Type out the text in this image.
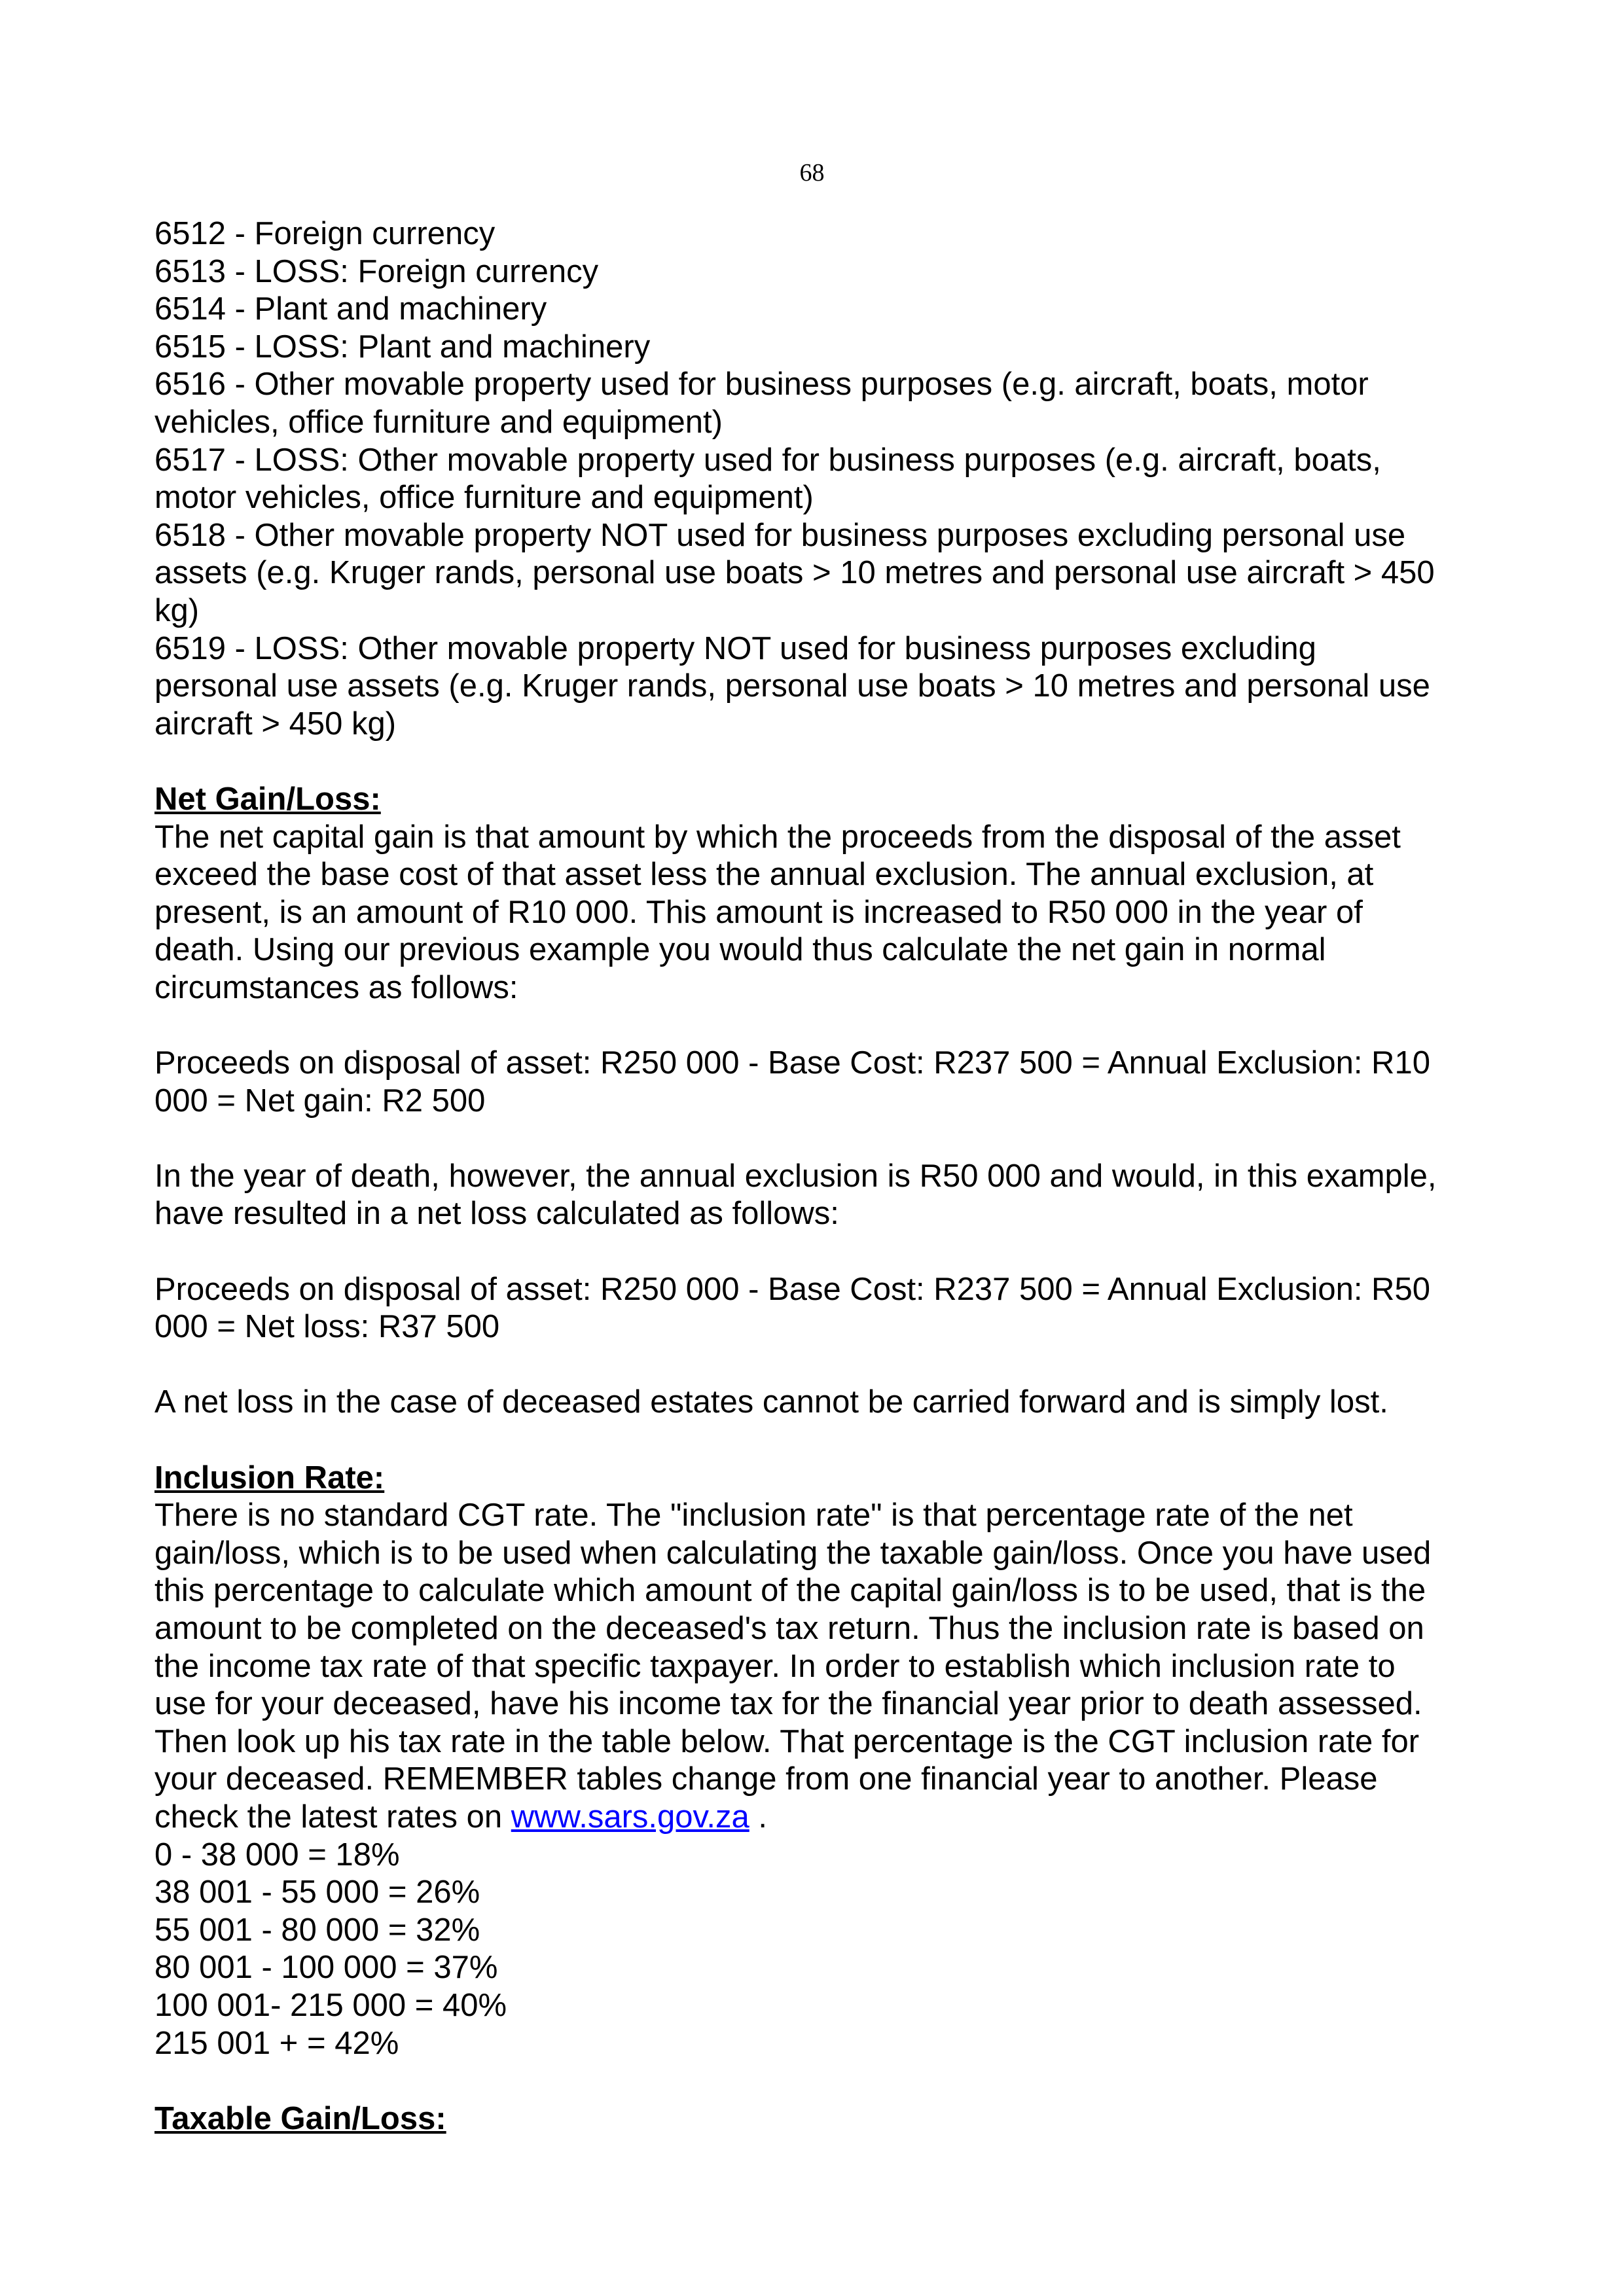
68
6512 - Foreign currency
6513 - LOSS: Foreign currency
6514 - Plant and machinery
6515 - LOSS: Plant and machinery
6516 - Other movable property used for business purposes (e.g. aircraft, boats, motor
vehicles, office furniture and equipment)
6517 - LOSS: Other movable property used for business purposes (e.g. aircraft, boats,
motor vehicles, office furniture and equipment)
6518 - Other movable property NOT used for business purposes excluding personal use
assets (e.g. Kruger rands, personal use boats > 10 metres and personal use aircraft > 450
kg)
6519 - LOSS: Other movable property NOT used for business purposes excluding
personal use assets (e.g. Kruger rands, personal use boats > 10 metres and personal use
aircraft > 450 kg)
Net Gain/Loss:
The net capital gain is that amount by which the proceeds from the disposal of the asset
exceed the base cost of that asset less the annual exclusion. The annual exclusion, at
present, is an amount of R10 000. This amount is increased to R50 000 in the year of
death. Using our previous example you would thus calculate the net gain in normal
circumstances as follows:
Proceeds on disposal of asset: R250 000 - Base Cost: R237 500 = Annual Exclusion: R10
000 = Net gain: R2 500
In the year of death, however, the annual exclusion is R50 000 and would, in this example,
have resulted in a net loss calculated as follows:
Proceeds on disposal of asset: R250 000 - Base Cost: R237 500 = Annual Exclusion: R50
000 = Net loss: R37 500
A net loss in the case of deceased estates cannot be carried forward and is simply lost.
Inclusion Rate:
There is no standard CGT rate. The "inclusion rate" is that percentage rate of the net
gain/loss, which is to be used when calculating the taxable gain/loss. Once you have used
this percentage to calculate which amount of the capital gain/loss is to be used, that is the
amount to be completed on the deceased's tax return. Thus the inclusion rate is based on
the income tax rate of that specific taxpayer. In order to establish which inclusion rate to
use for your deceased, have his income tax for the financial year prior to death assessed.
Then look up his tax rate in the table below. That percentage is the CGT inclusion rate for
your deceased. REMEMBER tables change from one financial year to another. Please
check the latest rates on www.sars.gov.za .
0 - 38 000 = 18%
38 001 - 55 000 = 26%
55 001 - 80 000 = 32%
80 001 - 100 000 = 37%
100 001- 215 000 = 40%
215 001 + = 42%
Taxable Gain/Loss:
